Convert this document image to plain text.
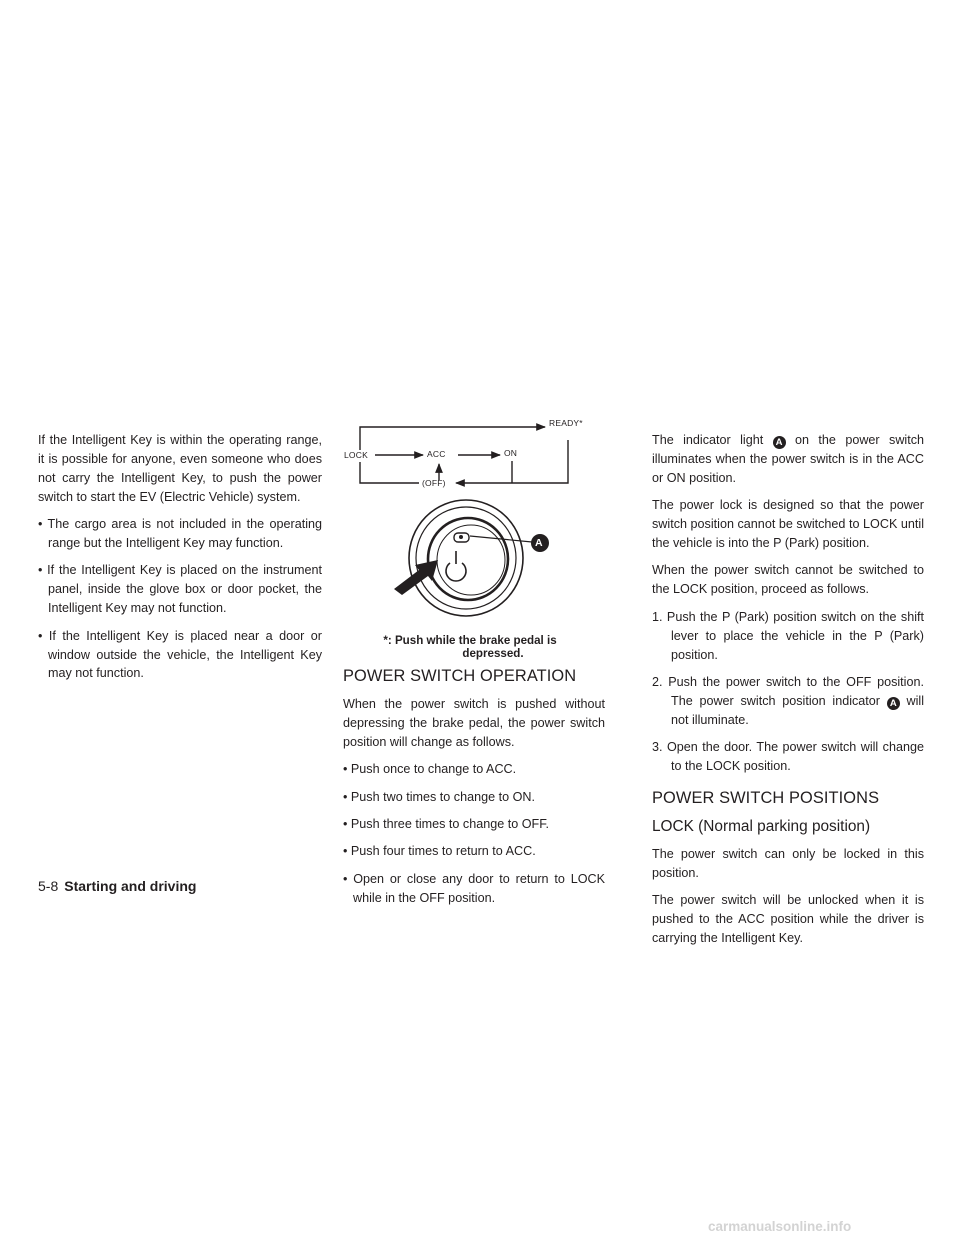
If the Intelligent Key is within the operating range, it is possible for anyone, even someone who does not carry the Intelligent Key, to push the power switch to start the EV (Electric Vehicle) system.

• The cargo area is not included in the operating range but the Intelligent Key may function.

• If the Intelligent Key is placed on the instrument panel, inside the glove box or door pocket, the Intelligent Key may not function.

• If the Intelligent Key is placed near a door or window outside the vehicle, the Intelligent Key may not function.

READY*
LOCK	ACC	ON
(OFF)
A
*: Push while the brake pedal is
depressed.
POWER SWITCH OPERATION

When the power switch is pushed without depressing the brake pedal, the power switch position will change as follows.

• Push once to change to ACC.

• Push two times to change to ON.

• Push three times to change to OFF.

• Push four times to return to ACC.

• Open or close any door to return to LOCK while in the OFF position.

The indicator light A on the power switch illuminates when the power switch is in the ACC or ON position.

The power lock is designed so that the power switch position cannot be switched to LOCK until the vehicle is into the P (Park) position.

When the power switch cannot be switched to the LOCK position, proceed as follows.

1. Push the P (Park) position switch on the shift lever to place the vehicle in the P (Park) position.

2. Push the power switch to the OFF position. The power switch position indicator A will not illuminate.

3. Open the door. The power switch will change to the LOCK position.

POWER SWITCH POSITIONS
LOCK (Normal parking position)

The power switch can only be locked in this position.

The power switch will be unlocked when it is pushed to the ACC position while the driver is carrying the Intelligent Key.

5-8 Starting and driving
carmanualsonline.info
